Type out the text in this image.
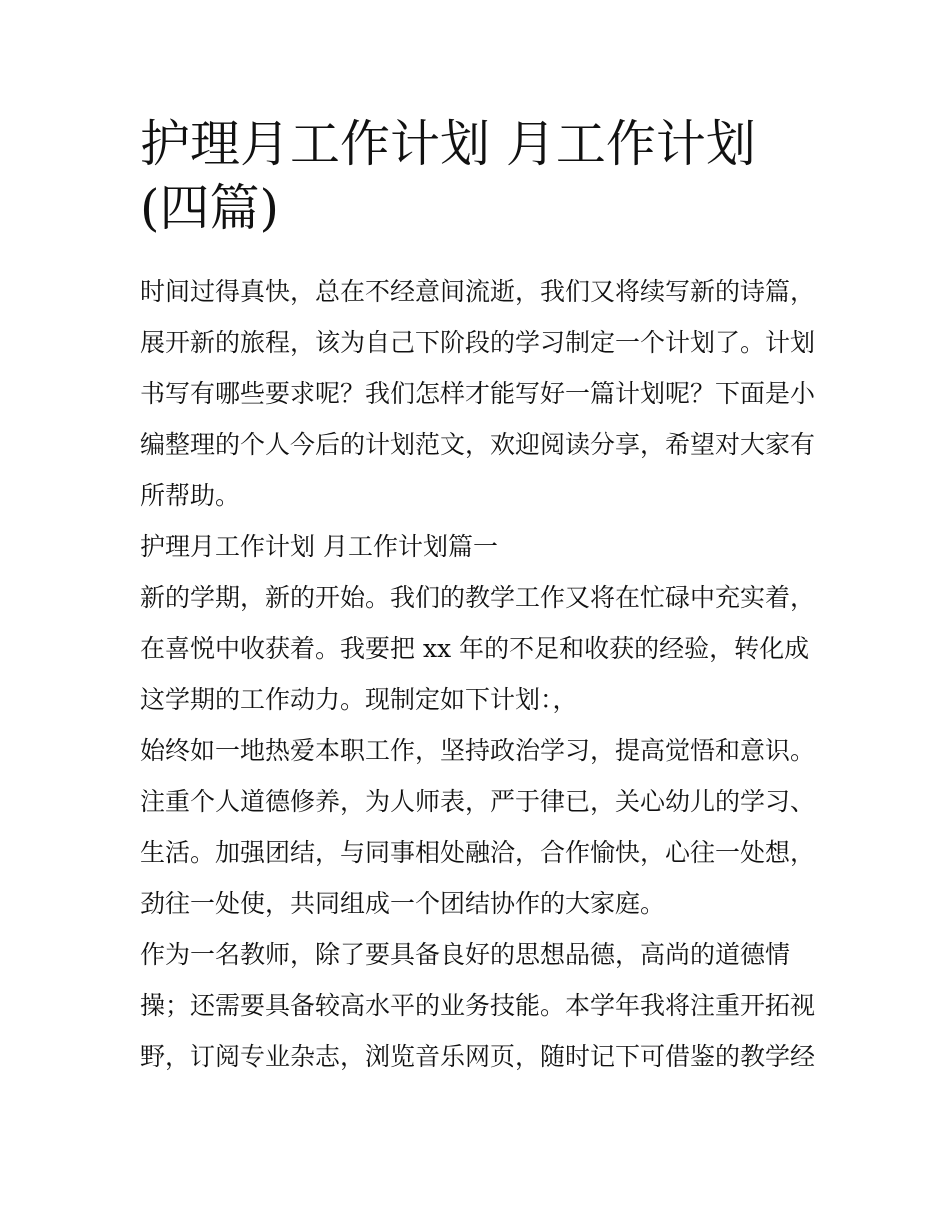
护理月工作计划 月工作计划
(四篇)
时间过得真快，总在不经意间流逝，我们又将续写新的诗篇，
展开新的旅程，该为自己下阶段的学习制定一个计划了。计划
书写有哪些要求呢？我们怎样才能写好一篇计划呢？下面是小
编整理的个人今后的计划范文，欢迎阅读分享，希望对大家有
所帮助。
护理月工作计划 月工作计划篇一
新的学期，新的开始。我们的教学工作又将在忙碌中充实着，
在喜悦中收获着。我要把 xx 年的不足和收获的经验，转化成
这学期的工作动力。现制定如下计划：，
始终如一地热爱本职工作，坚持政治学习，提高觉悟和意识。
注重个人道德修养，为人师表，严于律已，关心幼儿的学习、
生活。加强团结，与同事相处融洽，合作愉快，心往一处想，
劲往一处使，共同组成一个团结协作的大家庭。
作为一名教师，除了要具备良好的思想品德，高尚的道德情
操；还需要具备较高水平的业务技能。本学年我将注重开拓视
野，订阅专业杂志，浏览音乐网页，随时记下可借鉴的教学经
